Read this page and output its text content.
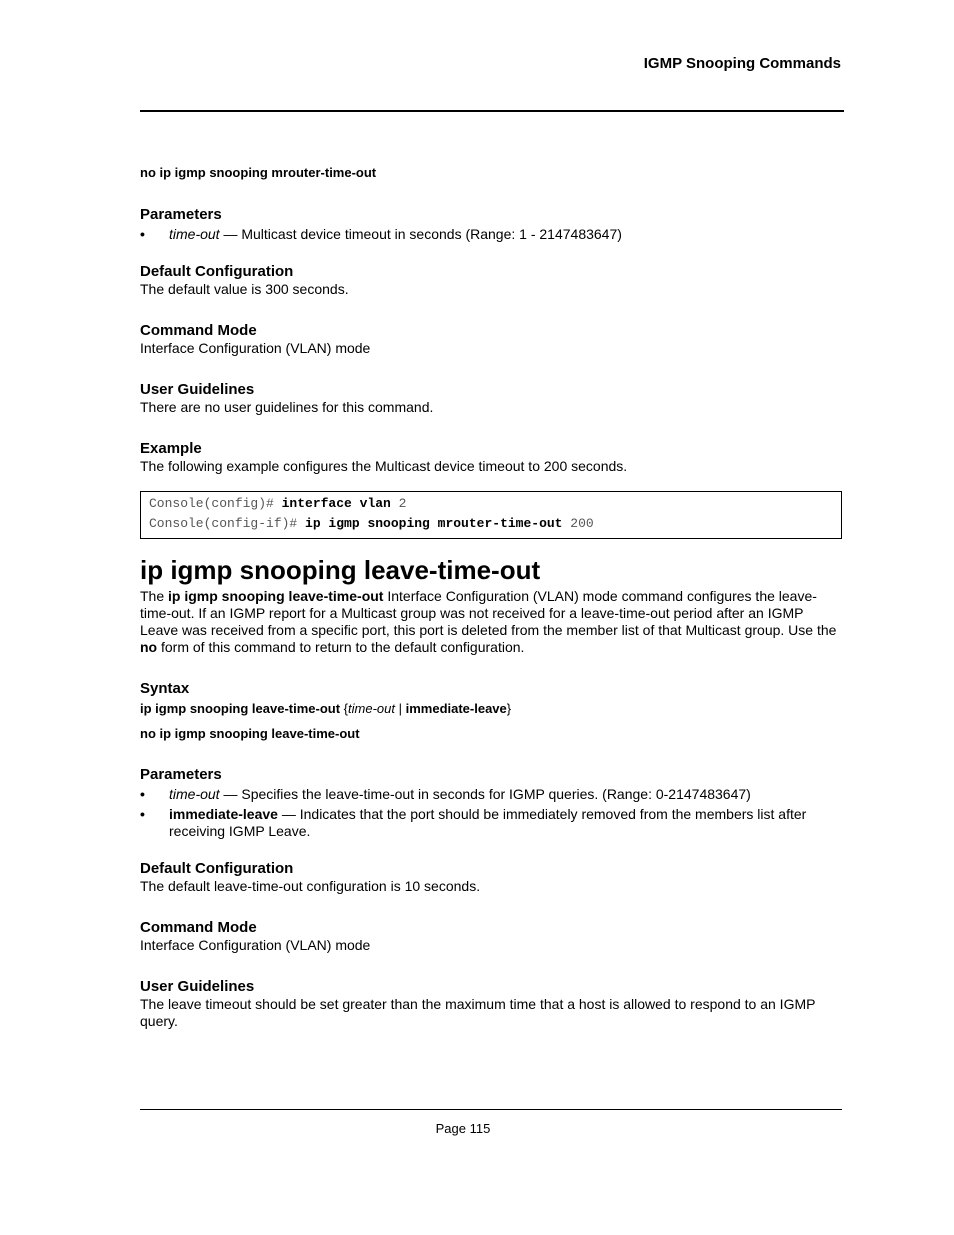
IGMP Snooping Commands

no ip igmp snooping mrouter-time-out

Parameters

• time-out — Multicast device timeout in seconds (Range: 1 - 2147483647)

Default Configuration

The default value is 300 seconds.

Command Mode

Interface Configuration (VLAN) mode

User Guidelines

There are no user guidelines for this command.

Example

The following example configures the Multicast device timeout to 200 seconds.

Console(config)# interface vlan 2
Console(config-if)# ip igmp snooping mrouter-time-out 200
ip igmp snooping leave-time-out

The ip igmp snooping leave-time-out Interface Configuration (VLAN) mode command configures the leave-time-out. If an IGMP report for a Multicast group was not received for a leave-time-out period after an IGMP Leave was received from a specific port, this port is deleted from the member list of that Multicast group. Use the no form of this command to return to the default configuration.

Syntax

ip igmp snooping leave-time-out {time-out | immediate-leave}

no ip igmp snooping leave-time-out

Parameters

• time-out — Specifies the leave-time-out in seconds for IGMP queries. (Range: 0-2147483647)
• immediate-leave — Indicates that the port should be immediately removed from the members list after receiving IGMP Leave.

Default Configuration

The default leave-time-out configuration is 10 seconds.

Command Mode

Interface Configuration (VLAN) mode

User Guidelines

The leave timeout should be set greater than the maximum time that a host is allowed to respond to an IGMP query.

Page 115
